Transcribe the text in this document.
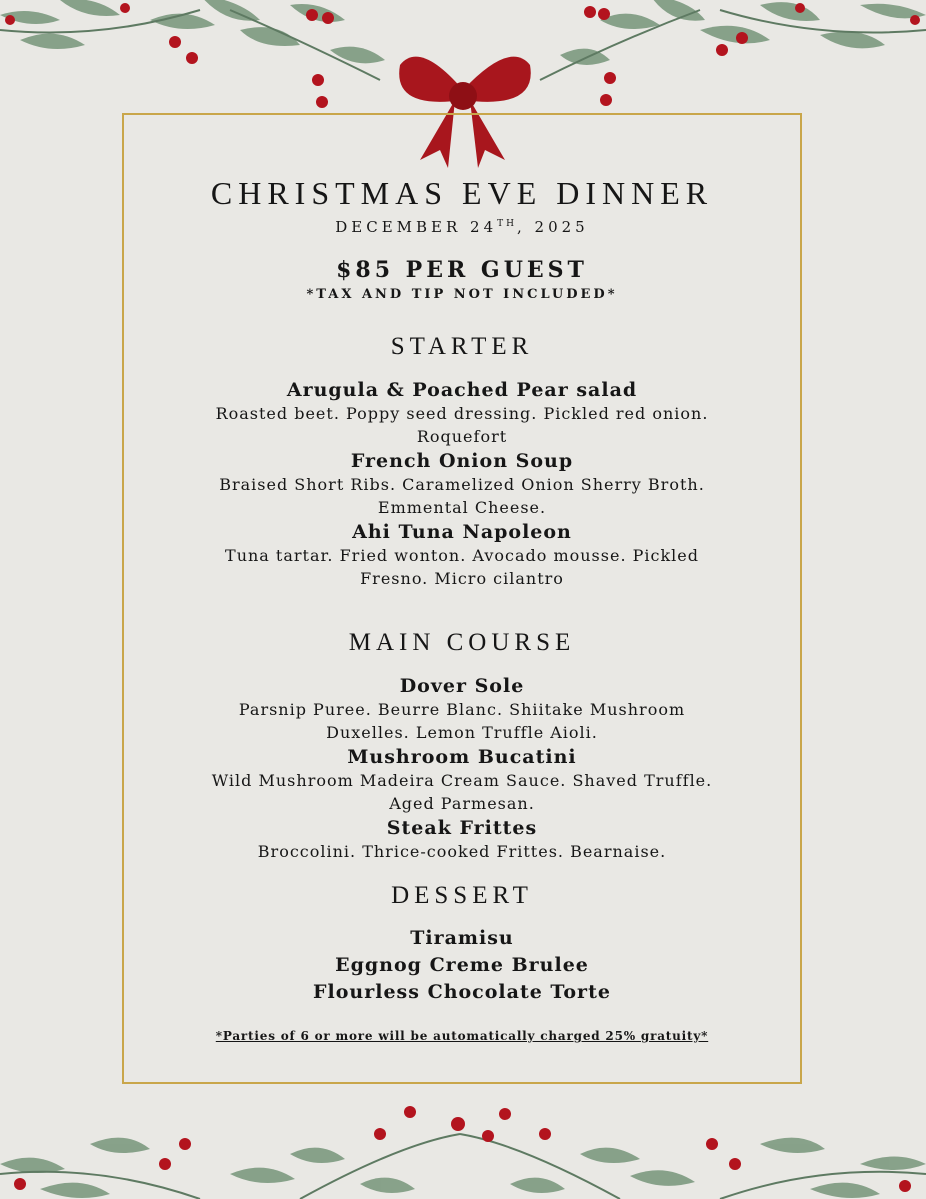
CHRISTMAS EVE DINNER
DECEMBER 24TH, 2025
$85 PER GUEST
*TAX AND TIP NOT INCLUDED*
STARTER
Arugula & Poached Pear salad
Roasted beet. Poppy seed dressing. Pickled red onion.
Roquefort
French Onion Soup
Braised Short Ribs. Caramelized Onion Sherry Broth.
Emmental Cheese.
Ahi Tuna Napoleon
Tuna tartar. Fried wonton. Avocado mousse. Pickled
Fresno. Micro cilantro
MAIN COURSE
Dover Sole
Parsnip Puree. Beurre Blanc. Shiitake Mushroom
Duxelles. Lemon Truffle Aioli.
Mushroom Bucatini
Wild Mushroom Madeira Cream Sauce. Shaved Truffle.
Aged Parmesan.
Steak Frittes
Broccolini. Thrice-cooked Frittes. Bearnaise.
DESSERT
Tiramisu
Eggnog Creme Brulee
Flourless Chocolate Torte
*Parties of 6 or more will be automatically charged 25% gratuity*
